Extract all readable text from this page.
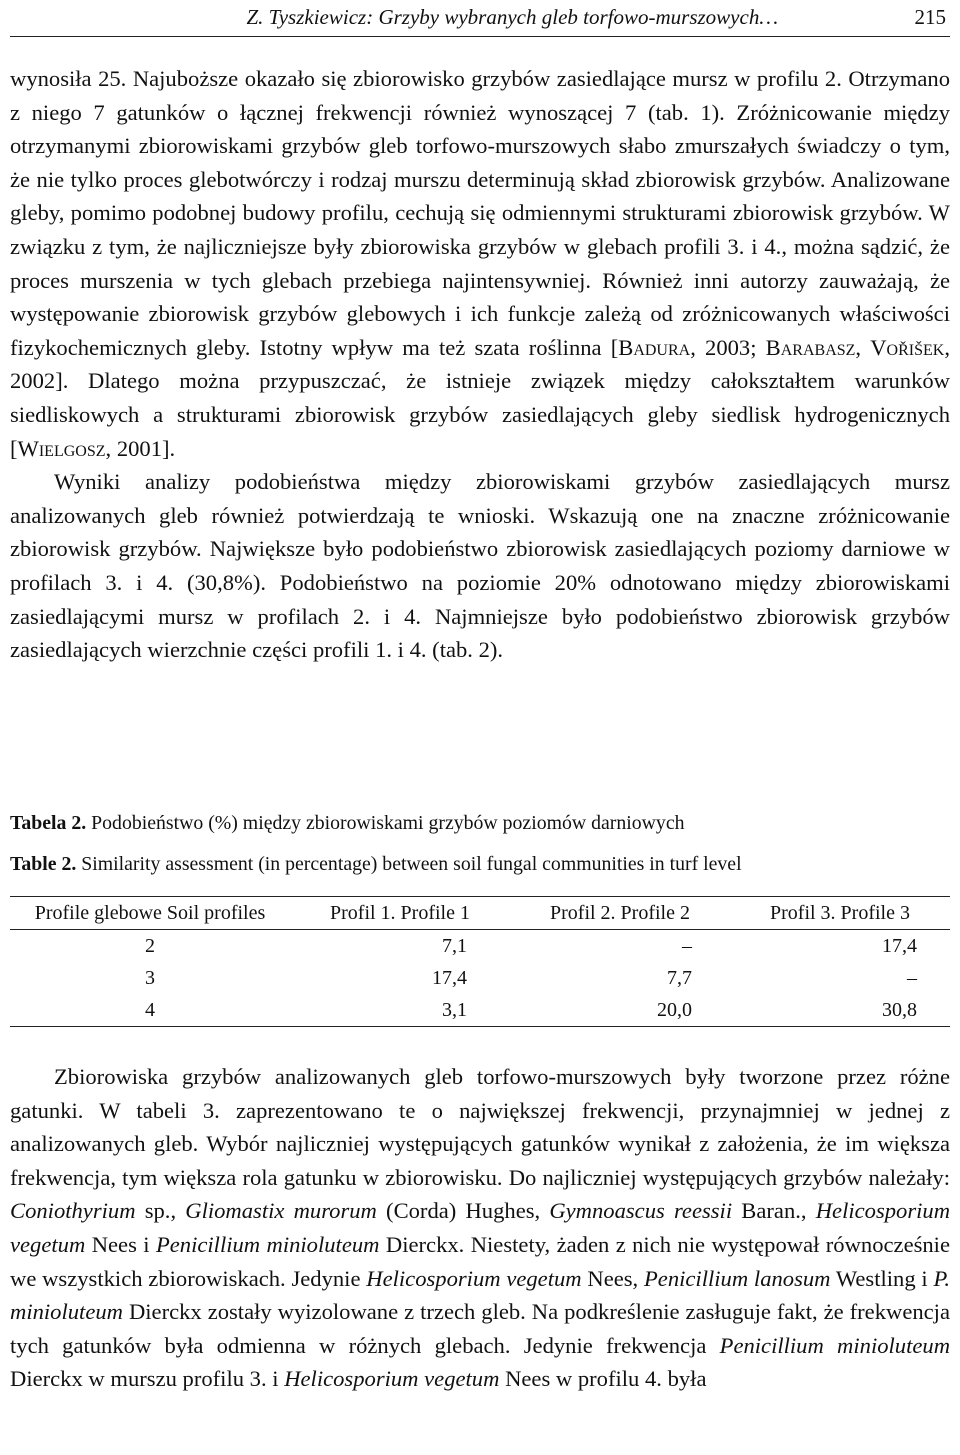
Z. Tyszkiewicz: Grzyby wybranych gleb torfowo-murszowych…	215

wynosiła 25. Najuboższe okazało się zbiorowisko grzybów zasiedlające mursz w profilu 2. Otrzymano z niego 7 gatunków o łącznej frekwencji również wynoszącej 7 (tab. 1). Zróżnicowanie między otrzymanymi zbiorowiskami grzybów gleb torfowo-murszowych słabo zmurszałych świadczy o tym, że nie tylko proces glebotwórczy i rodzaj murszu determinują skład zbiorowisk grzybów. Analizowane gleby, pomimo podobnej budowy profilu, cechują się odmiennymi strukturami zbiorowisk grzybów. W związku z tym, że najliczniejsze były zbiorowiska grzybów w glebach profili 3. i 4., można sądzić, że proces murszenia w tych glebach przebiega najintensywniej. Również inni autorzy zauważają, że występowanie zbiorowisk grzybów glebowych i ich funkcje zależą od zróżnicowanych właściwości fizykochemicznych gleby. Istotny wpływ ma też szata roślinna [Badura, 2003; Barabasz, Vořišek, 2002]. Dlatego można przypuszczać, że istnieje związek między całokształtem warunków siedliskowych a strukturami zbiorowisk grzybów zasiedlających gleby siedlisk hydrogenicznych [Wielgosz, 2001].

Wyniki analizy podobieństwa między zbiorowiskami grzybów zasiedlających mursz analizowanych gleb również potwierdzają te wnioski. Wskazują one na znaczne zróżnicowanie zbiorowisk grzybów. Największe było podobieństwo zbiorowisk zasiedlających poziomy darniowe w profilach 3. i 4. (30,8%). Podobieństwo na poziomie 20% odnotowano między zbiorowiskami zasiedlającymi mursz w profilach 2. i 4. Najmniejsze było podobieństwo zbiorowisk grzybów zasiedlających wierzchnie części profili 1. i 4. (tab. 2).

Tabela 2. Podobieństwo (%) między zbiorowiskami grzybów poziomów darniowych
Table 2. Similarity assessment (in percentage) between soil fungal communities in turf level
Profile glebowe Soil profiles	Profil 1. Profile 1	Profil 2. Profile 2	Profil 3. Profile 3
2	7,1	–	17,4
3	17,4	7,7	–
4	3,1	20,0	30,8

Zbiorowiska grzybów analizowanych gleb torfowo-murszowych były tworzone przez różne gatunki. W tabeli 3. zaprezentowano te o największej frekwencji, przynajmniej w jednej z analizowanych gleb. Wybór najliczniej występujących gatunków wynikał z założenia, że im większa frekwencja, tym większa rola gatunku w zbiorowisku. Do najliczniej występujących grzybów należały: Coniothyrium sp., Gliomastix murorum (Corda) Hughes, Gymnoascus reessii Baran., Helicosporium vegetum Nees i Penicillium minioluteum Dierckx. Niestety, żaden z nich nie występował równocześnie we wszystkich zbiorowiskach. Jedynie Helicosporium vegetum Nees, Penicillium lanosum Westling i P. minioluteum Dierckx zostały wyizolowane z trzech gleb. Na podkreślenie zasługuje fakt, że frekwencja tych gatunków była odmienna w różnych glebach. Jedynie frekwencja Penicillium minioluteum Dierckx w murszu profilu 3. i Helicosporium vegetum Nees w profilu 4. była
